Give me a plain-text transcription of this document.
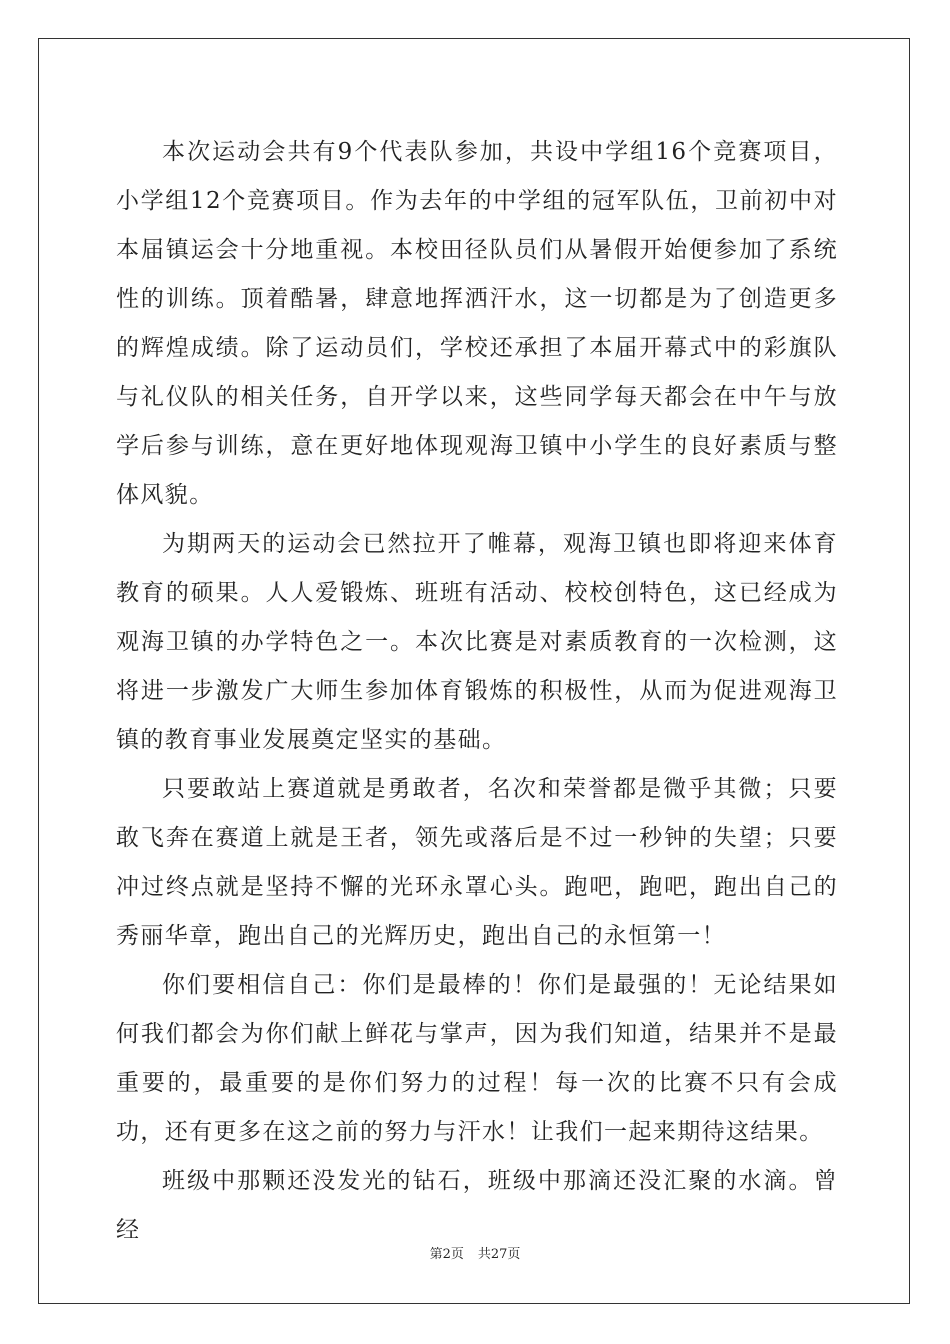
本次运动会共有9个代表队参加，共设中学组16个竞赛项目，小学组12个竞赛项目。作为去年的中学组的冠军队伍，卫前初中对本届镇运会十分地重视。本校田径队员们从暑假开始便参加了系统性的训练。顶着酷暑，肆意地挥洒汗水，这一切都是为了创造更多的辉煌成绩。除了运动员们，学校还承担了本届开幕式中的彩旗队与礼仪队的相关任务，自开学以来，这些同学每天都会在中午与放学后参与训练，意在更好地体现观海卫镇中小学生的良好素质与整体风貌。

为期两天的运动会已然拉开了帷幕，观海卫镇也即将迎来体育教育的硕果。人人爱锻炼、班班有活动、校校创特色，这已经成为观海卫镇的办学特色之一。本次比赛是对素质教育的一次检测，这将进一步激发广大师生参加体育锻炼的积极性，从而为促进观海卫镇的教育事业发展奠定坚实的基础。

只要敢站上赛道就是勇敢者，名次和荣誉都是微乎其微；只要敢飞奔在赛道上就是王者，领先或落后是不过一秒钟的失望；只要冲过终点就是坚持不懈的光环永罩心头。跑吧，跑吧，跑出自己的秀丽华章，跑出自己的光辉历史，跑出自己的永恒第一！

你们要相信自己：你们是最棒的！你们是最强的！无论结果如何我们都会为你们献上鲜花与掌声，因为我们知道，结果并不是最重要的，最重要的是你们努力的过程！每一次的比赛不只有会成功，还有更多在这之前的努力与汗水！让我们一起来期待这结果。

班级中那颗还没发光的钻石，班级中那滴还没汇聚的水滴。曾经

第2页 共27页
